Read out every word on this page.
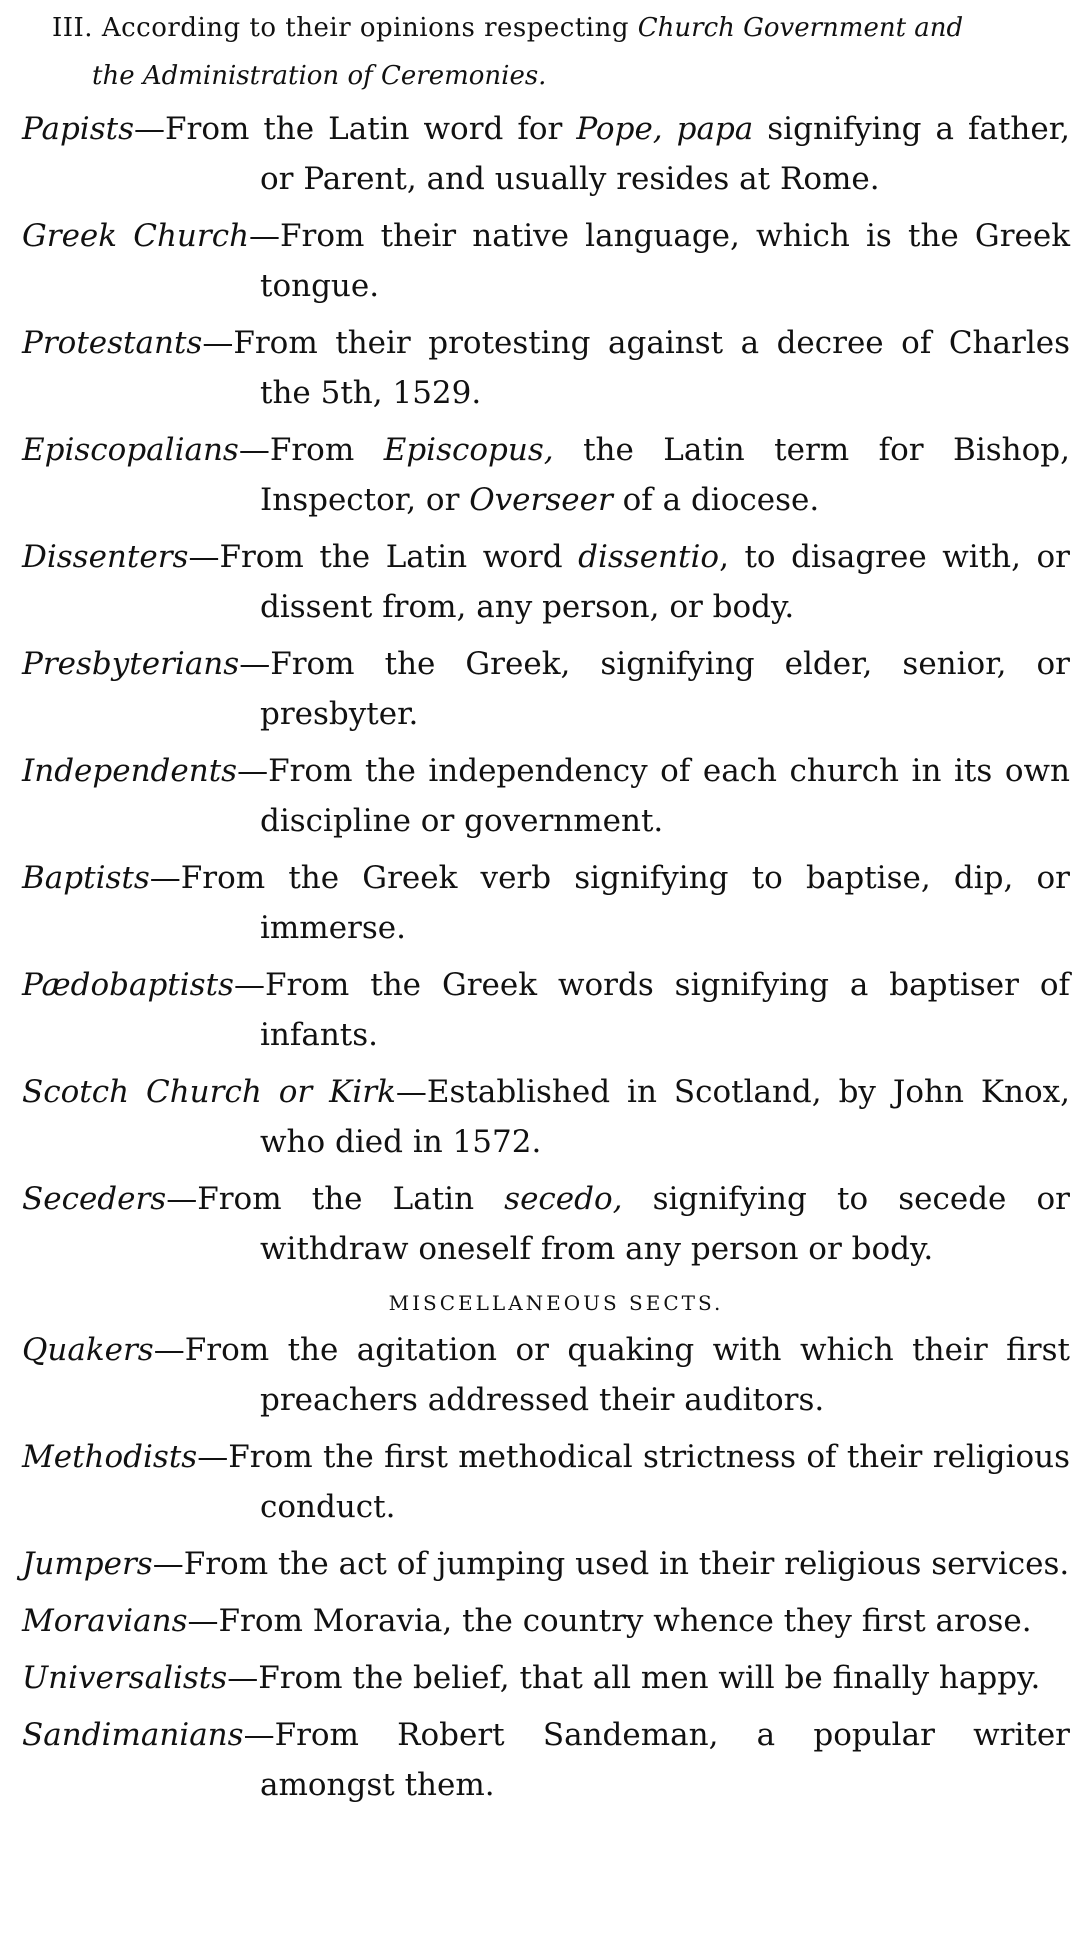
III. According to their opinions respecting Church Government and
the Administration of Ceremonies.

Papists—From the Latin word for Pope, papa signifying a father, or Parent, and usually resides at Rome.

Greek Church—From their native language, which is the Greek tongue.

Protestants—From their protesting against a decree of Charles the 5th, 1529.

Episcopalians—From Episcopus, the Latin term for Bishop, Inspector, or Overseer of a diocese.

Dissenters—From the Latin word dissentio, to disagree with, or dissent from, any person, or body.

Presbyterians—From the Greek, signifying elder, senior, or presbyter.

Independents—From the independency of each church in its own discipline or government.

Baptists—From the Greek verb signifying to baptise, dip, or immerse.

Pædobaptists—From the Greek words signifying a baptiser of infants.

Scotch Church or Kirk—Established in Scotland, by John Knox, who died in 1572.

Seceders—From the Latin secedo, signifying to secede or withdraw oneself from any person or body.

MISCELLANEOUS SECTS.

Quakers—From the agitation or quaking with which their first preachers addressed their auditors.

Methodists—From the first methodical strictness of their religious conduct.

Jumpers—From the act of jumping used in their religious services.

Moravians—From Moravia, the country whence they first arose.

Universalists—From the belief, that all men will be finally happy.

Sandimanians—From Robert Sandeman, a popular writer amongst them.
